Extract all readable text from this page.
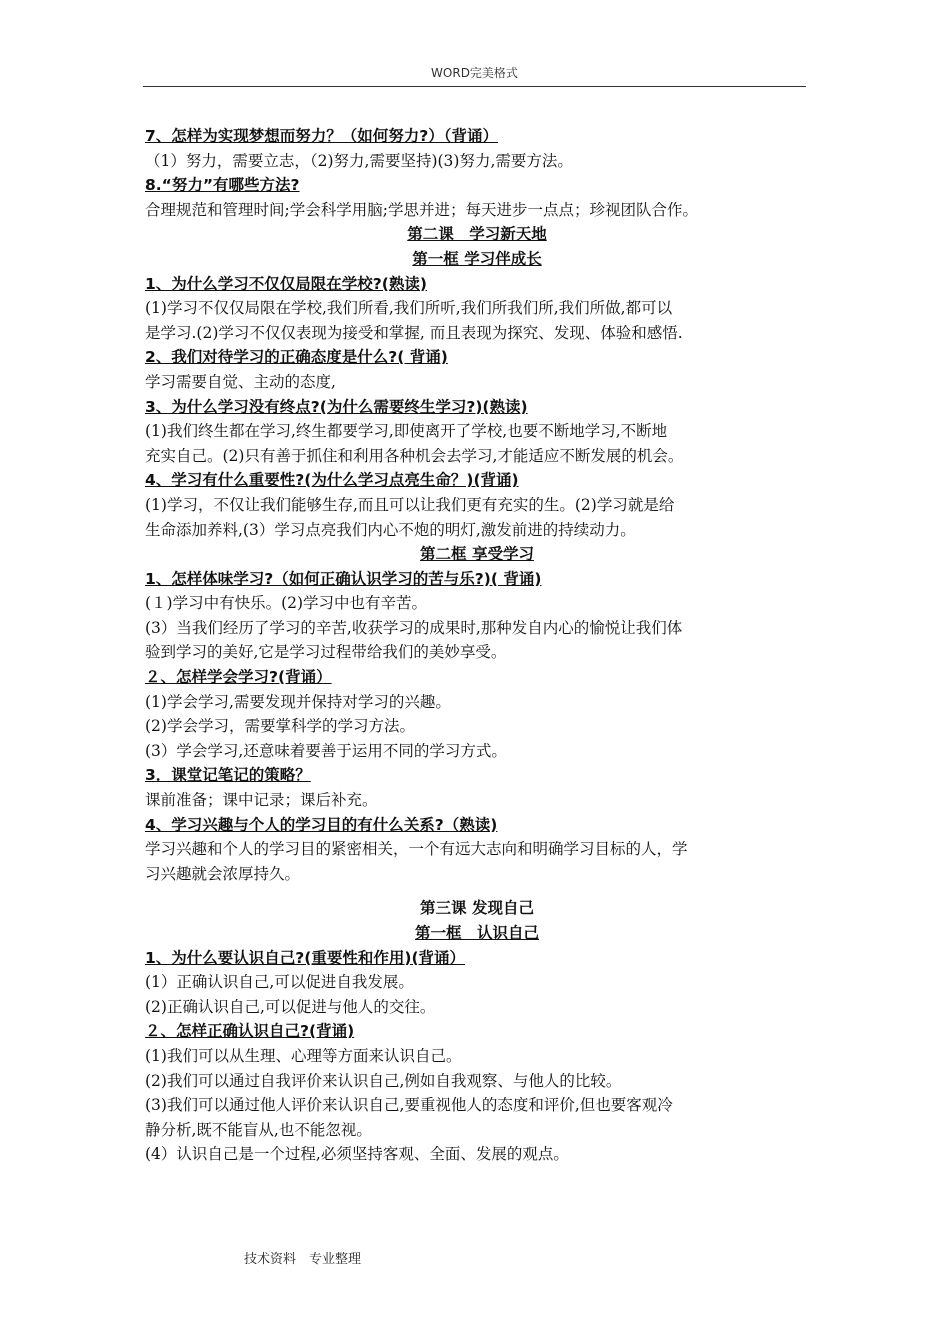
WORD完美格式
7、怎样为实现梦想而努力？（如何努力?）（背诵）
（1）努力，需要立志，（2)努力,需要坚持)(3)努力,需要方法。
8.“努力”有哪些方法?
合理规范和管理时间;学会科学用脑;学思并进；每天进步一点点；珍视团队合作。
第二课　学习新天地
第一框 学习伴成长
1、为什么学习不仅仅局限在学校?(熟读)
(1)学习不仅仅局限在学校,我们所看,我们所听,我们所我们所,我们所做,都可以
是学习.(2)学习不仅仅表现为接受和掌握, 而且表现为探究、发现、体验和感悟.
2、我们对待学习的正确态度是什么?( 背诵)
学习需要自觉、主动的态度,
3、为什么学习没有终点?(为什么需要终生学习?)(熟读)
(1)我们终生都在学习,终生都要学习,即使离开了学校,也要不断地学习,不断地
充实自己。(2)只有善于抓住和利用各种机会去学习,才能适应不断发展的机会。
4、学习有什么重要性?(为什么学习点亮生命？)(背诵)
(1)学习，不仅让我们能够生存,而且可以让我们更有充实的生。(2)学习就是给
生命添加养料,(3）学习点亮我们内心不炮的明灯,激发前进的持续动力。
第二框 享受学习
1、怎样体味学习?（如何正确认识学习的苦与乐?)( 背诵)
(１)学习中有快乐。(2)学习中也有辛苦。
(3）当我们经历了学习的辛苦,收获学习的成果时,那种发自内心的愉悦让我们体
验到学习的美好,它是学习过程带给我们的美妙享受。
２、怎样学会学习?(背诵）
(1)学会学习,需要发现并保持对学习的兴趣。
(2)学会学习，需要掌科学的学习方法。
(3）学会学习,还意味着要善于运用不同的学习方式。
3．课堂记笔记的策略？
课前准备；课中记录；课后补充。
4、学习兴趣与个人的学习目的有什么关系?（熟读)
学习兴趣和个人的学习目的紧密相关，一个有远大志向和明确学习目标的人，学
习兴趣就会浓厚持久。
第三课 发现自己
第一框　认识自己
1、为什么要认识自己?(重要性和作用)(背诵）
(1）正确认识自己,可以促进自我发展。
(2)正确认识自己,可以促进与他人的交往。
２、怎样正确认识自己?(背诵)
(1)我们可以从生理、心理等方面来认识自己。
(2)我们可以通过自我评价来认识自己,例如自我观察、与他人的比较。
(3)我们可以通过他人评价来认识自己,要重视他人的态度和评价,但也要客观冷
静分析,既不能盲从,也不能忽视。
(4）认识自己是一个过程,必须坚持客观、全面、发展的观点。
技术资料　专业整理
